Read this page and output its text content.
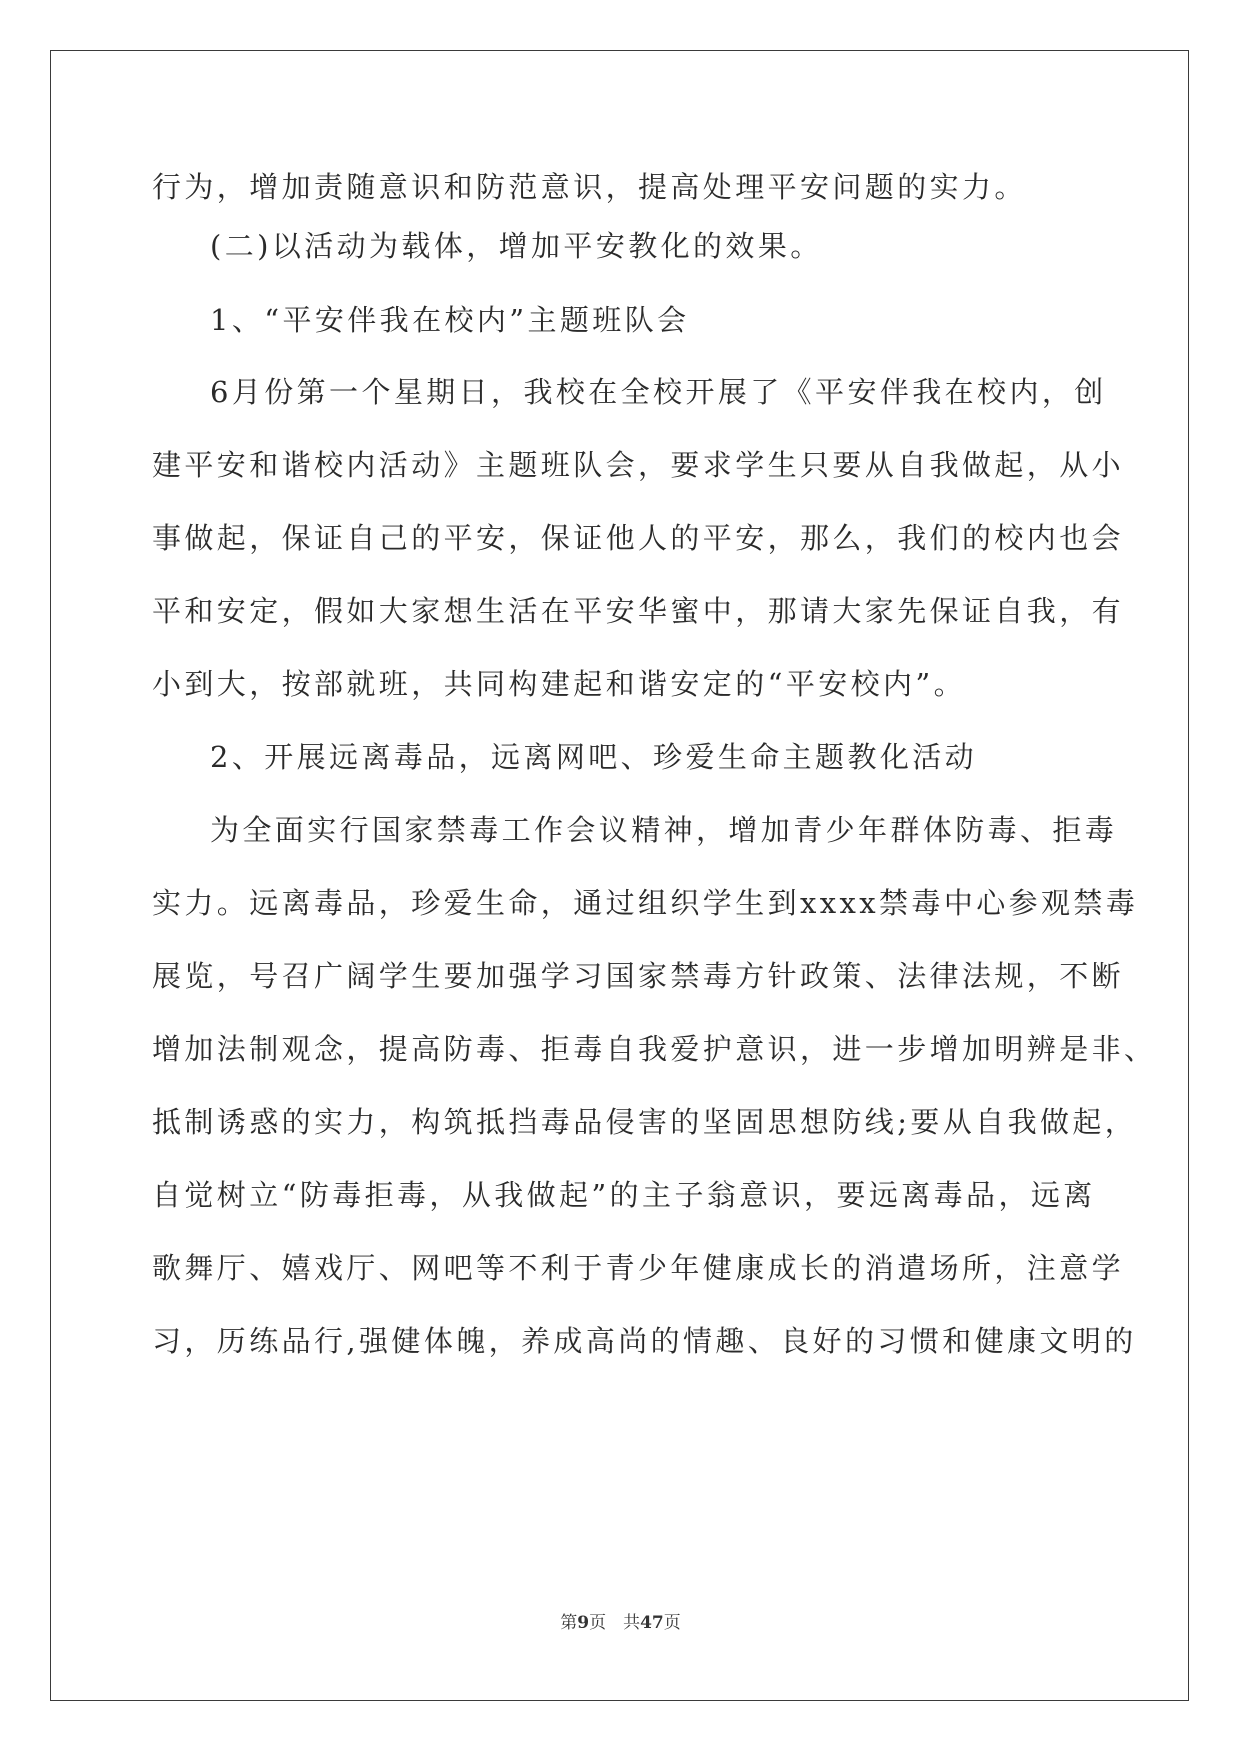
行为，增加责随意识和防范意识，提高处理平安问题的实力。
(二)以活动为载体，增加平安教化的效果。
1、“平安伴我在校内”主题班队会
6月份第一个星期日，我校在全校开展了《平安伴我在校内，创
建平安和谐校内活动》主题班队会，要求学生只要从自我做起，从小
事做起，保证自己的平安，保证他人的平安，那么，我们的校内也会
平和安定，假如大家想生活在平安华蜜中，那请大家先保证自我，有
小到大，按部就班，共同构建起和谐安定的“平安校内”。
2、开展远离毒品，远离网吧、珍爱生命主题教化活动
为全面实行国家禁毒工作会议精神，增加青少年群体防毒、拒毒
实力。远离毒品，珍爱生命，通过组织学生到xxxx禁毒中心参观禁毒
展览，号召广阔学生要加强学习国家禁毒方针政策、法律法规，不断
增加法制观念，提高防毒、拒毒自我爱护意识，进一步增加明辨是非、
抵制诱惑的实力，构筑抵挡毒品侵害的坚固思想防线;要从自我做起，
自觉树立“防毒拒毒，从我做起”的主子翁意识，要远离毒品，远离
歌舞厅、嬉戏厅、网吧等不利于青少年健康成长的消遣场所，注意学
习，历练品行,强健体魄，养成高尚的情趣、良好的习惯和健康文明的
第9页　共47页
